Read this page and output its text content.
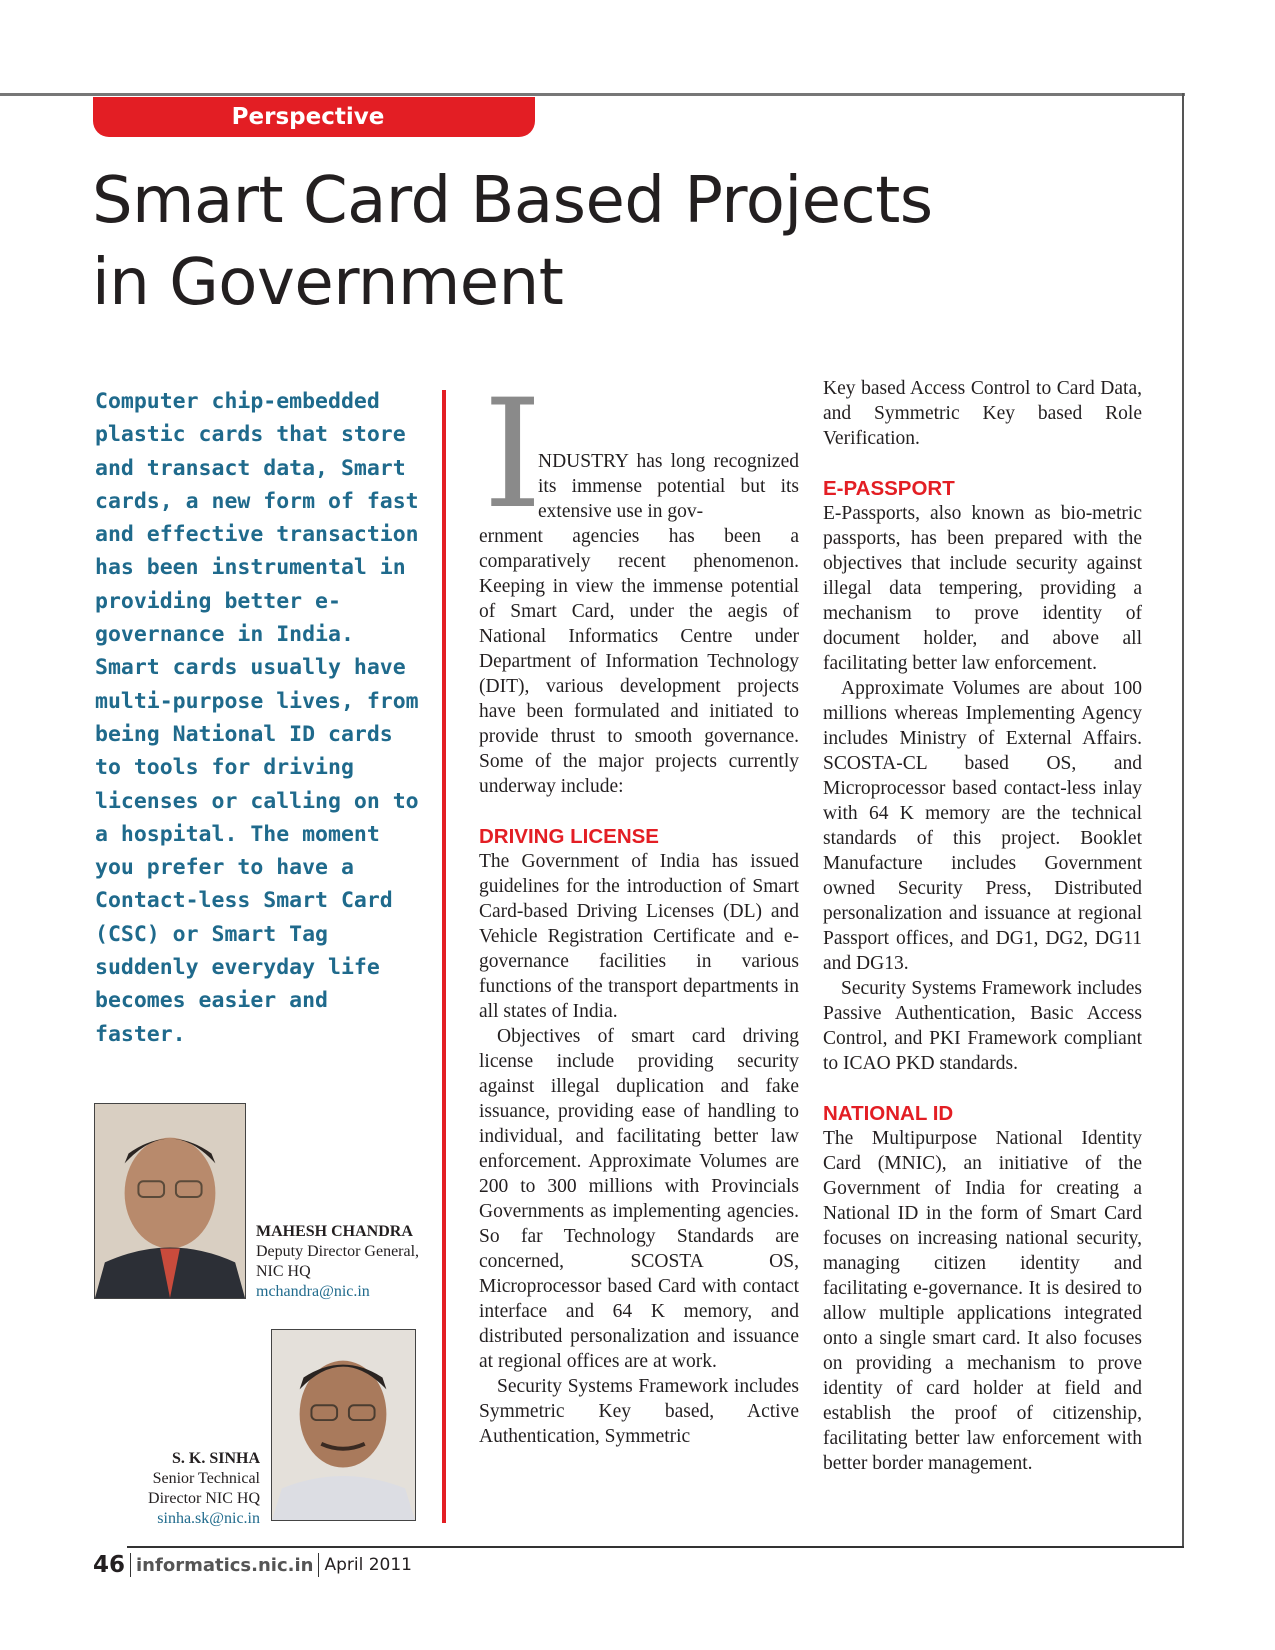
Perspective
Smart Card Based Projects in Government

Computer chip-embedded plastic cards that store and transact data, Smart cards, a new form of fast and effective transaction has been instrumental in providing better e-governance in India. Smart cards usually have multi-purpose lives, from being National ID cards to tools for driving licenses or calling on to a hospital. The moment you prefer to have a Contact-less Smart Card (CSC) or Smart Tag suddenly everyday life becomes easier and faster.

MAHESH CHANDRA
Deputy Director General,
NIC HQ
mchandra@nic.in
S. K. SINHA
Senior Technical
Director NIC HQ
sinha.sk@nic.in
I

NDUSTRY has long recognized its immense potential but its extensive use in gov-

ernment agencies has been a comparatively recent phenomenon. Keeping in view the immense potential of Smart Card, under the aegis of National Informatics Centre under Department of Information Technology (DIT), various development projects have been formulated and initiated to provide thrust to smooth governance. Some of the major projects currently underway include:

DRIVING LICENSE

The Government of India has issued guidelines for the introduction of Smart Card-based Driving Licenses (DL) and Vehicle Registration Certificate and e-governance facilities in various functions of the transport departments in all states of India.

Objectives of smart card driving license include providing security against illegal duplication and fake issuance, providing ease of handling to individual, and facilitating better law enforcement. Approximate Volumes are 200 to 300 millions with Provincials Governments as implementing agencies. So far Technology Standards are concerned, SCOSTA OS, Microprocessor based Card with contact interface and 64 K memory, and distributed personalization and issuance at regional offices are at work.

Security Systems Framework includes Symmetric Key based, Active Authentication, Symmetric

Key based Access Control to Card Data, and Symmetric Key based Role Verification.

E-PASSPORT

E-Passports, also known as bio-metric passports, has been prepared with the objectives that include security against illegal data tempering, providing a mechanism to prove identity of document holder, and above all facilitating better law enforcement.

Approximate Volumes are about 100 millions whereas Implementing Agency includes Ministry of External Affairs. SCOSTA-CL based OS, and Microprocessor based contact-less inlay with 64 K memory are the technical standards of this project. Booklet Manufacture includes Government owned Security Press, Distributed personalization and issuance at regional Passport offices, and DG1, DG2, DG11 and DG13.

Security Systems Framework includes Passive Authentication, Basic Access Control, and PKI Framework compliant to ICAO PKD standards.

NATIONAL ID

The Multipurpose National Identity Card (MNIC), an initiative of the Government of India for creating a National ID in the form of Smart Card focuses on increasing national security, managing citizen identity and facilitating e-governance. It is desired to allow multiple applications integrated onto a single smart card. It also focuses on providing a mechanism to prove identity of card holder at field and establish the proof of citizenship, facilitating better law enforcement with better border management.

46 informatics.nic.in April 2011
